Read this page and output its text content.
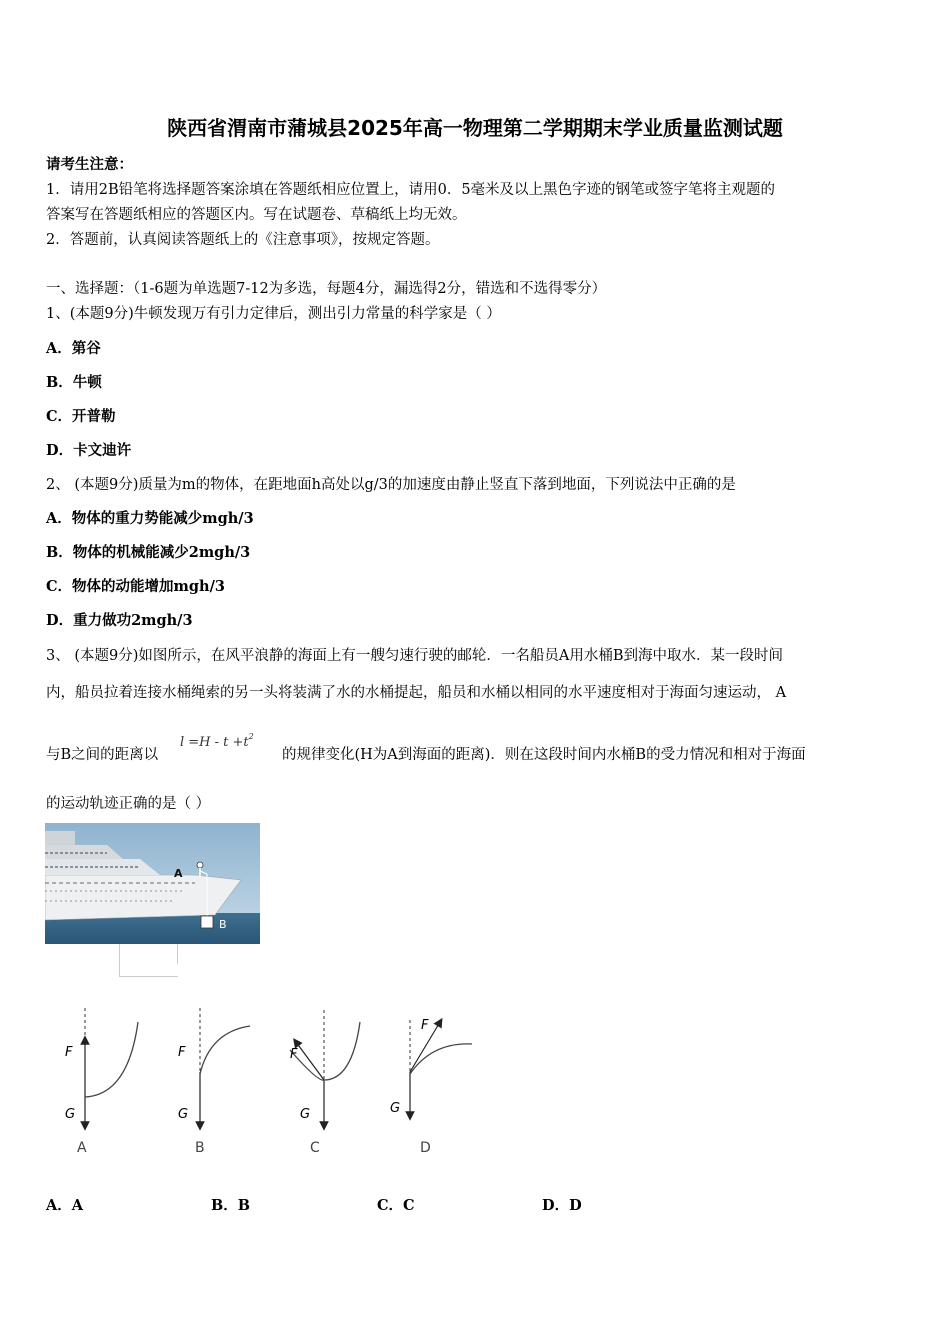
陕西省渭南市蒲城县2025年高一物理第二学期期末学业质量监测试题
请考生注意：
1．请用2B铅笔将选择题答案涂填在答题纸相应位置上，请用0．5毫米及以上黑色字迹的钢笔或签字笔将主观题的
答案写在答题纸相应的答题区内。写在试题卷、草稿纸上均无效。
2．答题前，认真阅读答题纸上的《注意事项》，按规定答题。
一、选择题：（1-6题为单选题7-12为多选，每题4分，漏选得2分，错选和不选得零分）
1、(本题9分)牛顿发现万有引力定律后，测出引力常量的科学家是（ ）
A．第谷
B．牛顿
C．开普勒
D．卡文迪许
2、 (本题9分)质量为m的物体，在距地面h高处以g/3的加速度由静止竖直下落到地面，下列说法中正确的是
A．物体的重力势能减少mgh/3
B．物体的机械能减少2mgh/3
C．物体的动能增加mgh/3
D．重力做功2mgh/3
3、 (本题9分)如图所示，在风平浪静的海面上有一艘匀速行驶的邮轮．一名船员A用水桶B到海中取水．某一段时间
内，船员拉着连接水桶绳索的另一头将装满了水的水桶提起，船员和水桶以相同的水平速度相对于海面匀速运动， A
与B之间的距离以
$l =H - t +t^2$
的规律变化(H为A到海面的距离)．则在这段时间内水桶B的受力情况和相对于海面
的运动轨迹正确的是（ ）
A
B
F
G
A
F
G
B
F
G
C
F
G
D
A．A	B．B	C．C	D．D
